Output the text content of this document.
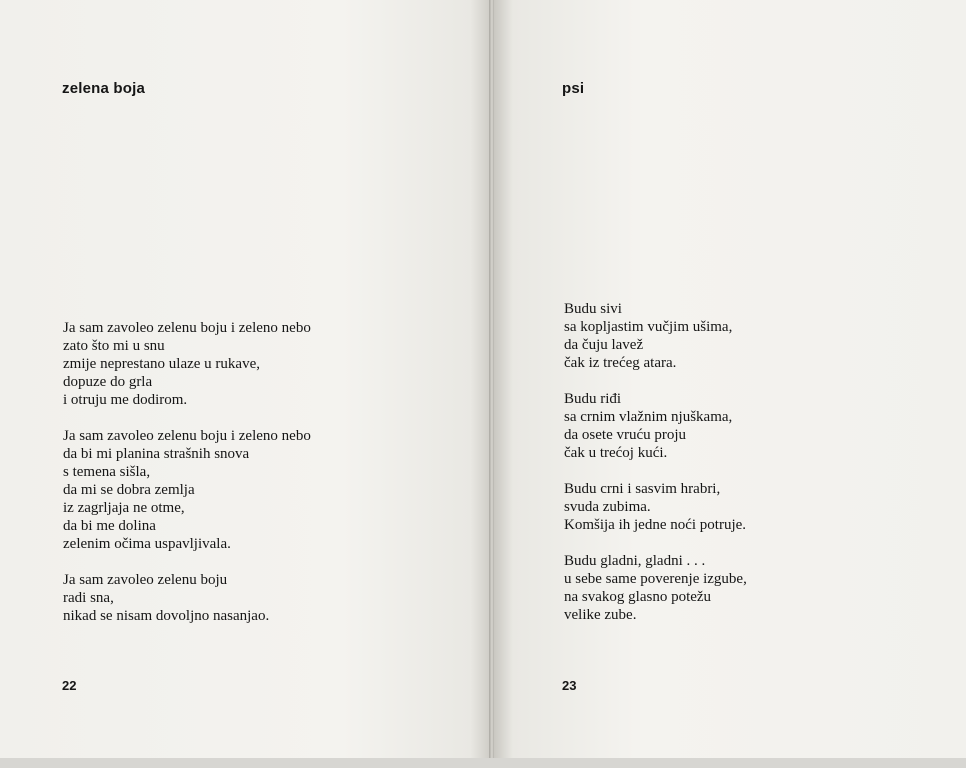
zelena boja
Ja sam zavoleo zelenu boju i zeleno nebo
zato što mi u snu
zmije neprestano ulaze u rukave,
dopuze do grla
i otruju me dodirom.
Ja sam zavoleo zelenu boju i zeleno nebo
da bi mi planina strašnih snova
s temena sišla,
da mi se dobra zemlja
iz zagrljaja ne otme,
da bi me dolina
zelenim očima uspavljivala.
Ja sam zavoleo zelenu boju
radi sna,
nikad se nisam dovoljno nasanjao.
22
psi
Budu sivi
sa kopljastim vučjim ušima,
da čuju lavež
čak iz trećeg atara.
Budu riđi
sa crnim vlažnim njuškama,
da osete vruću proju
čak u trećoj kući.
Budu crni i sasvim hrabri,
svuda zubima.
Komšija ih jedne noći potruje.
Budu gladni, gladni . . .
u sebe same poverenje izgube,
na svakog glasno potežu
velike zube.
23
